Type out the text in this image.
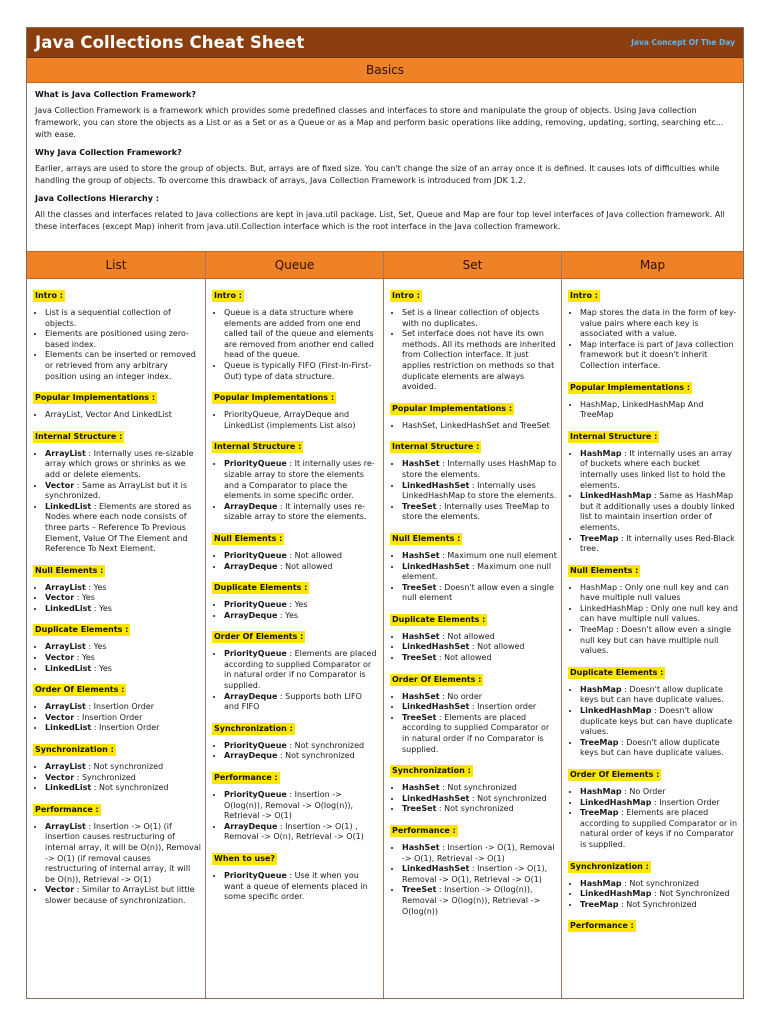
Java Collections Cheat Sheet	Java Concept Of The Day
Basics
What is Java Collection Framework?
Java Collection Framework is a framework which provides some predefined classes and interfaces to store and manipulate the group of objects. Using Java collection framework, you can store the objects as a List or as a Set or as a Queue or as a Map and perform basic operations like adding, removing, updating, sorting, searching etc... with ease.
Why Java Collection Framework?
Earlier, arrays are used to store the group of objects. But, arrays are of fixed size. You can't change the size of an array once it is defined. It causes lots of difficulties while handling the group of objects. To overcome this drawback of arrays, Java Collection Framework is introduced from JDK 1.2.
Java Collections Hierarchy :
All the classes and interfaces related to Java collections are kept in java.util package. List, Set, Queue and Map are four top level interfaces of Java collection framework. All these interfaces (except Map) inherit from java.util.Collection interface which is the root interface in the Java collection framework.
List
Intro :

• List is a sequential collection of objects.
• Elements are positioned using zero-based index.
• Elements can be inserted or removed or retrieved from any arbitrary position using an integer index.
Popular Implementations :

• ArrayList, Vector And LinkedList
Internal Structure :

• ArrayList : Internally uses re-sizable array which grows or shrinks as we add or delete elements.
• Vector : Same as ArrayList but it is synchronized.
• LinkedList : Elements are stored as Nodes where each node consists of three parts – Reference To Previous Element, Value Of The Element and Reference To Next Element.
Null Elements :

• ArrayList : Yes
• Vector : Yes
• LinkedList : Yes
Duplicate Elements :

• ArrayList : Yes
• Vector : Yes
• LinkedList : Yes
Order Of Elements :

• ArrayList : Insertion Order
• Vector : Insertion Order
• LinkedList : Insertion Order
Synchronization :

• ArrayList : Not synchronized
• Vector : Synchronized
• LinkedList : Not synchronized
Performance :

• ArrayList : Insertion -> O(1) (if insertion causes restructuring of internal array, it will be O(n)), Removal -> O(1) (if removal causes restructuring of internal array, it will be O(n)), Retrieval -> O(1)
• Vector : Similar to ArrayList but little slower because of synchronization.
Queue
Intro :

• Queue is a data structure where elements are added from one end called tail of the queue and elements are removed from another end called head of the queue.
• Queue is typically FIFO (First-In-First-Out) type of data structure.
Popular Implementations :

• PriorityQueue, ArrayDeque and LinkedList (implements List also)
Internal Structure :

• PriorityQueue : It internally uses re-sizable array to store the elements and a Comparator to place the elements in some specific order.
• ArrayDeque : It internally uses re-sizable array to store the elements.
Null Elements :

• PriorityQueue : Not allowed
• ArrayDeque : Not allowed
Duplicate Elements :

• PriorityQueue : Yes
• ArrayDeque : Yes
Order Of Elements :

• PriorityQueue : Elements are placed according to supplied Comparator or in natural order if no Comparator is supplied.
• ArrayDeque : Supports both LIFO and FIFO
Synchronization :

• PriorityQueue : Not synchronized
• ArrayDeque : Not synchronized
Performance :

• PriorityQueue : Insertion -> O(log(n)), Removal -> O(log(n)), Retrieval -> O(1)
• ArrayDeque : Insertion -> O(1) , Removal -> O(n), Retrieval -> O(1)
When to use?

• PriorityQueue : Use it when you want a queue of elements placed in some specific order.
Set
Intro :

• Set is a linear collection of objects with no duplicates.
• Set interface does not have its own methods. All its methods are inherited from Collection interface. It just applies restriction on methods so that duplicate elements are always avoided.
Popular Implementations :

• HashSet, LinkedHashSet and TreeSet
Internal Structure :

• HashSet : Internally uses HashMap to store the elements.
• LinkedHashSet : Internally uses LinkedHashMap to store the elements.
• TreeSet : Internally uses TreeMap to store the elements.
Null Elements :

• HashSet : Maximum one null element
• LinkedHashSet : Maximum one null element.
• TreeSet : Doesn't allow even a single null element
Duplicate Elements :

• HashSet : Not allowed
• LinkedHashSet : Not allowed
• TreeSet : Not allowed
Order Of Elements :

• HashSet : No order
• LinkedHashSet : Insertion order
• TreeSet : Elements are placed according to supplied Comparator or in natural order if no Comparator is supplied.
Synchronization :

• HashSet : Not synchronized
• LinkedHashSet : Not synchronized
• TreeSet : Not synchronized
Performance :

• HashSet : Insertion -> O(1), Removal -> O(1), Retrieval -> O(1)
• LinkedHashSet : Insertion -> O(1), Removal -> O(1), Retrieval -> O(1)
• TreeSet : Insertion -> O(log(n)), Removal -> O(log(n)), Retrieval -> O(log(n))
Map
Intro :

• Map stores the data in the form of key-value pairs where each key is associated with a value.
• Map interface is part of Java collection framework but it doesn't inherit Collection interface.
Popular Implementations :

• HashMap, LinkedHashMap And TreeMap
Internal Structure :

• HashMap : It internally uses an array of buckets where each bucket internally uses linked list to hold the elements.
• LinkedHashMap : Same as HashMap but it additionally uses a doubly linked list to maintain insertion order of elements.
• TreeMap : It internally uses Red-Black tree.
Null Elements :

• HashMap : Only one null key and can have multiple null values
• LinkedHashMap : Only one null key and can have multiple null values.
• TreeMap : Doesn't allow even a single null key but can have multiple null values.
Duplicate Elements :

• HashMap : Doesn't allow duplicate keys but can have duplicate values.
• LinkedHashMap : Doesn't allow duplicate keys but can have duplicate values.
• TreeMap : Doesn't allow duplicate keys but can have duplicate values.
Order Of Elements :

• HashMap : No Order
• LinkedHashMap : Insertion Order
• TreeMap : Elements are placed according to supplied Comparator or in natural order of keys if no Comparator is supplied.
Synchronization :

• HashMap : Not synchronized
• LinkedHashMap : Not Synchronized
• TreeMap : Not Synchronized
Performance :
